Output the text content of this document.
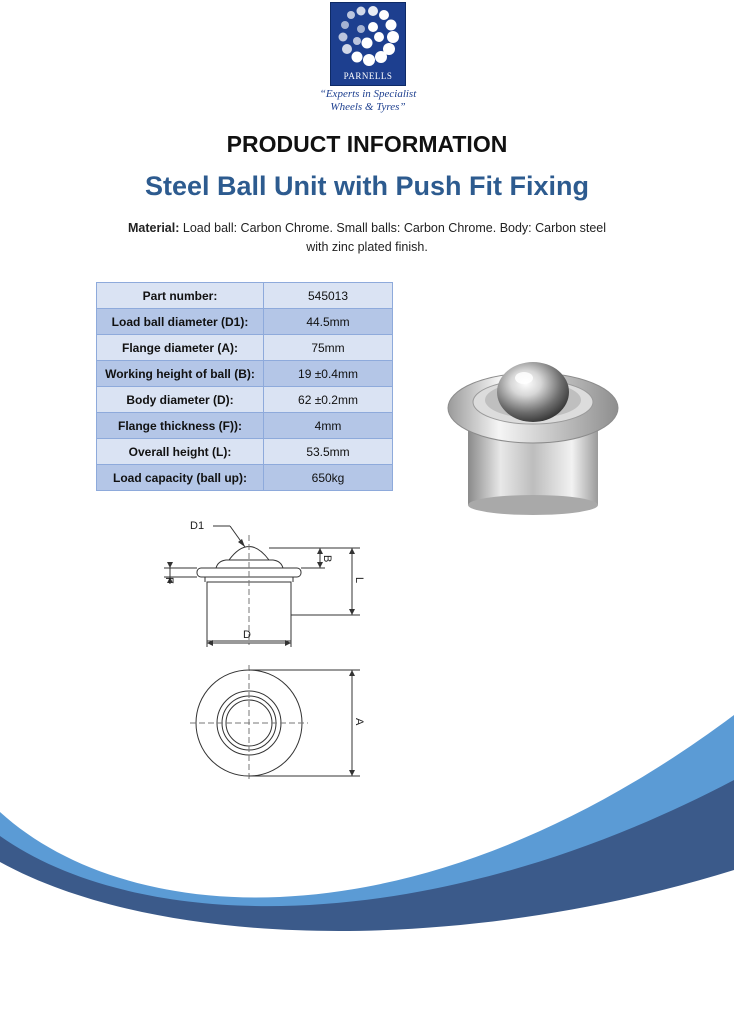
PARNELLS
“Experts in Specialist
Wheels & Tyres”
PRODUCT INFORMATION
Steel Ball Unit with Push Fit Fixing
Material: Load ball: Carbon Chrome. Small balls: Carbon Chrome. Body: Carbon steel with zinc plated finish.
Part number:	545013
Load ball diameter (D1):	44.5mm
Flange diameter (A):	75mm
Working height of ball (B):	19 ±0.4mm
Body diameter (D):	62 ±0.2mm
Flange thickness (F)):	4mm
Overall height (L):	53.5mm
Load capacity (ball up):	650kg
D1
F
B
L
D
A
